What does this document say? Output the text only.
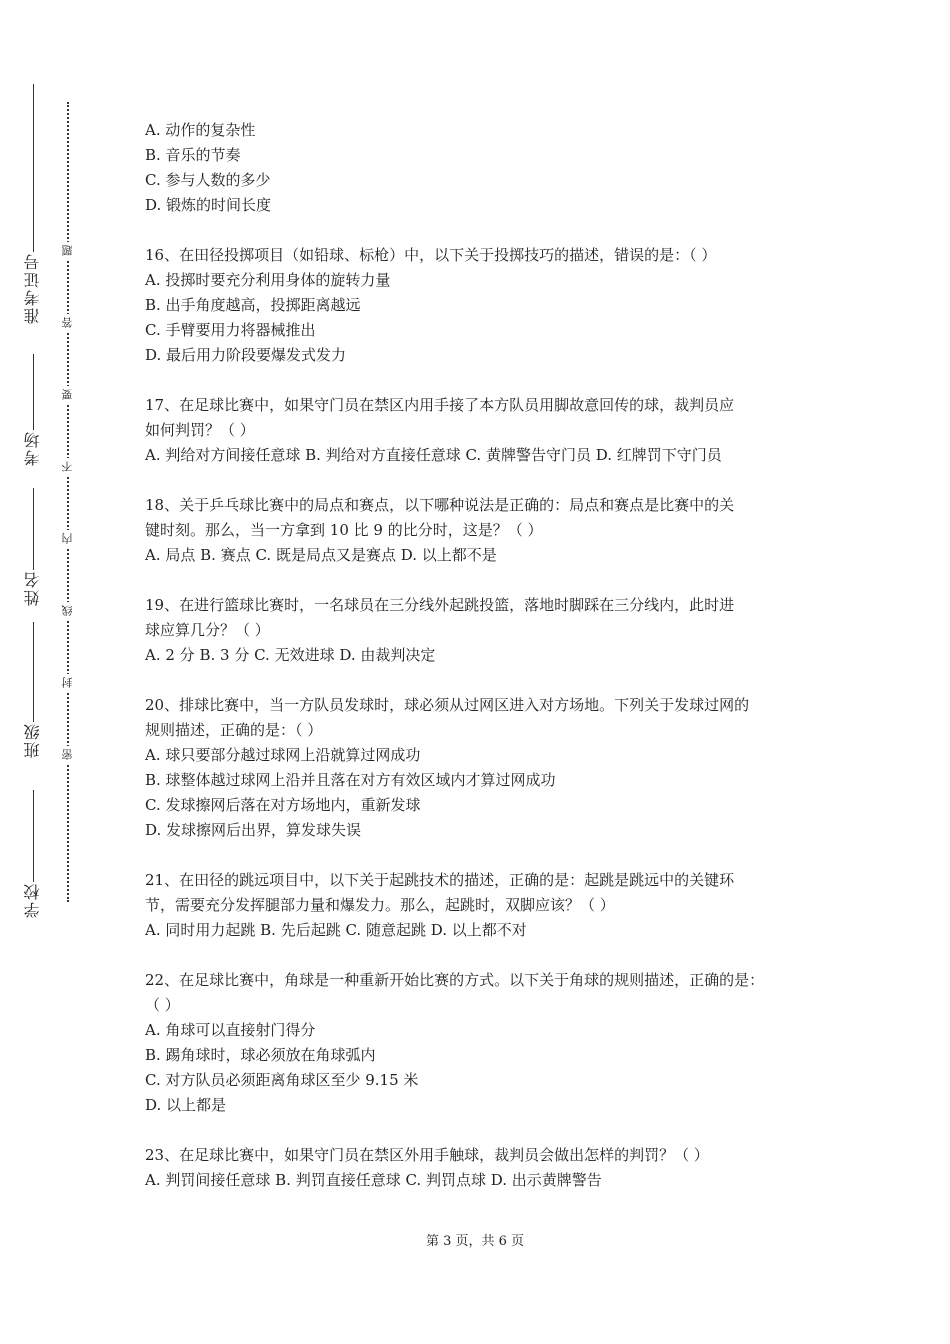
准考证号
考场
姓名
班级
学校
题
答
要
不
内
线
封
密
A. 动作的复杂性
B. 音乐的节奏
C. 参与人数的多少
D. 锻炼的时间长度
16、在田径投掷项目（如铅球、标枪）中，以下关于投掷技巧的描述，错误的是：（ ）
A. 投掷时要充分利用身体的旋转力量
B. 出手角度越高，投掷距离越远
C. 手臂要用力将器械推出
D. 最后用力阶段要爆发式发力
17、在足球比赛中，如果守门员在禁区内用手接了本方队员用脚故意回传的球，裁判员应
如何判罚？（ ）
A. 判给对方间接任意球 B. 判给对方直接任意球 C. 黄牌警告守门员 D. 红牌罚下守门员
18、关于乒乓球比赛中的局点和赛点，以下哪种说法是正确的：局点和赛点是比赛中的关
键时刻。那么，当一方拿到 10 比 9 的比分时，这是？（ ）
A. 局点 B. 赛点 C. 既是局点又是赛点 D. 以上都不是
19、在进行篮球比赛时，一名球员在三分线外起跳投篮，落地时脚踩在三分线内，此时进
球应算几分？（ ）
A. 2 分 B. 3 分 C. 无效进球 D. 由裁判决定
20、排球比赛中，当一方队员发球时，球必须从过网区进入对方场地。下列关于发球过网的
规则描述，正确的是：（ ）
A. 球只要部分越过球网上沿就算过网成功
B. 球整体越过球网上沿并且落在对方有效区域内才算过网成功
C. 发球擦网后落在对方场地内，重新发球
D. 发球擦网后出界，算发球失误
21、在田径的跳远项目中，以下关于起跳技术的描述，正确的是：起跳是跳远中的关键环
节，需要充分发挥腿部力量和爆发力。那么，起跳时，双脚应该？（ ）
A. 同时用力起跳 B. 先后起跳 C. 随意起跳 D. 以上都不对
22、在足球比赛中，角球是一种重新开始比赛的方式。以下关于角球的规则描述，正确的是：
（ ）
A. 角球可以直接射门得分
B. 踢角球时，球必须放在角球弧内
C. 对方队员必须距离角球区至少 9.15 米
D. 以上都是
23、在足球比赛中，如果守门员在禁区外用手触球，裁判员会做出怎样的判罚？（ ）
A. 判罚间接任意球 B. 判罚直接任意球 C. 判罚点球 D. 出示黄牌警告
第 3 页，共 6 页
